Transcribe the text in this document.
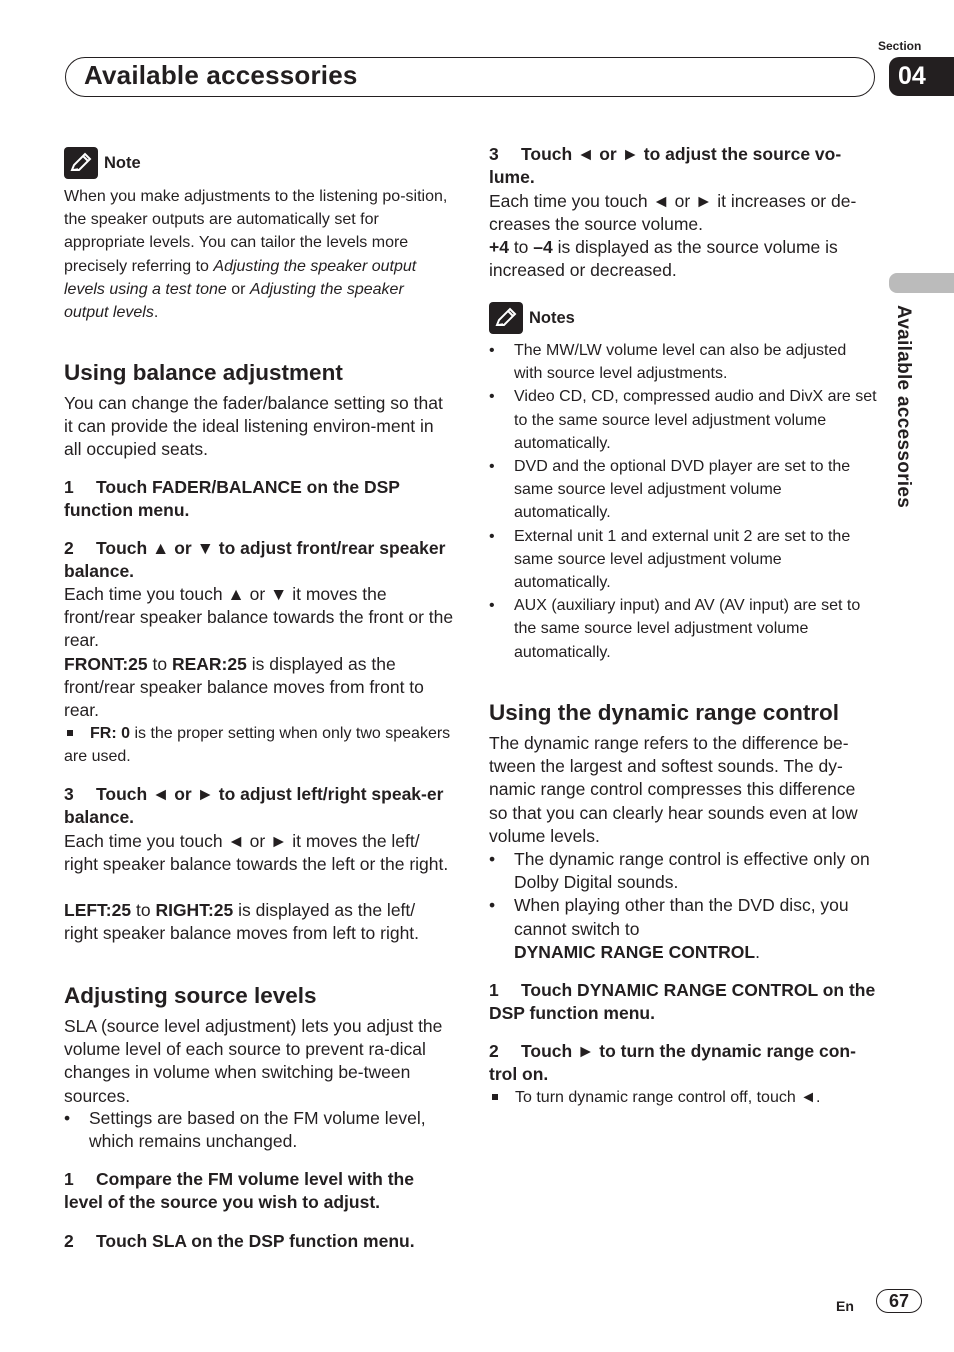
Section
Available accessories	04
Available accessories
Note

When you make adjustments to the listening po-sition, the speaker outputs are automatically set for appropriate levels. You can tailor the levels more precisely referring to Adjusting the speaker output levels using a test tone or Adjusting the speaker output levels.

Using balance adjustment

You can change the fader/balance setting so that it can provide the ideal listening environ-ment in all occupied seats.

1 Touch FADER/BALANCE on the DSP function menu.

2 Touch ▲ or ▼ to adjust front/rear speaker balance.

Each time you touch ▲ or ▼ it moves the front/rear speaker balance towards the front or the rear.

FRONT:25 to REAR:25 is displayed as the front/rear speaker balance moves from front to rear.

FR: 0 is the proper setting when only two speakers are used.

3 Touch ◄ or ► to adjust left/right speak-er balance.

Each time you touch ◄ or ► it moves the left/ right speaker balance towards the left or the right.

LEFT:25 to RIGHT:25 is displayed as the left/ right speaker balance moves from left to right.

Adjusting source levels

SLA (source level adjustment) lets you adjust the volume level of each source to prevent ra-dical changes in volume when switching be-tween sources.

• Settings are based on the FM volume level, which remains unchanged.

1 Compare the FM volume level with the level of the source you wish to adjust.

2 Touch SLA on the DSP function menu.

3 Touch ◄ or ► to adjust the source vo-lume.

Each time you touch ◄ or ► it increases or de-creases the source volume.

+4 to –4 is displayed as the source volume is increased or decreased.

Notes
• The MW/LW volume level can also be adjusted with source level adjustments.
• Video CD, CD, compressed audio and DivX are set to the same source level adjustment volume automatically.
• DVD and the optional DVD player are set to the same source level adjustment volume automatically.
• External unit 1 and external unit 2 are set to the same source level adjustment volume automatically.
• AUX (auxiliary input) and AV (AV input) are set to the same source level adjustment volume automatically.
Using the dynamic range control

The dynamic range refers to the difference be-tween the largest and softest sounds. The dy-namic range control compresses this difference so that you can clearly hear sounds even at low volume levels.

• The dynamic range control is effective only on Dolby Digital sounds.
• When playing other than the DVD disc, you cannot switch to
DYNAMIC RANGE CONTROL.

1 Touch DYNAMIC RANGE CONTROL on the DSP function menu.

2 Touch ► to turn the dynamic range con-trol on.

To turn dynamic range control off, touch ◄.
En	67
